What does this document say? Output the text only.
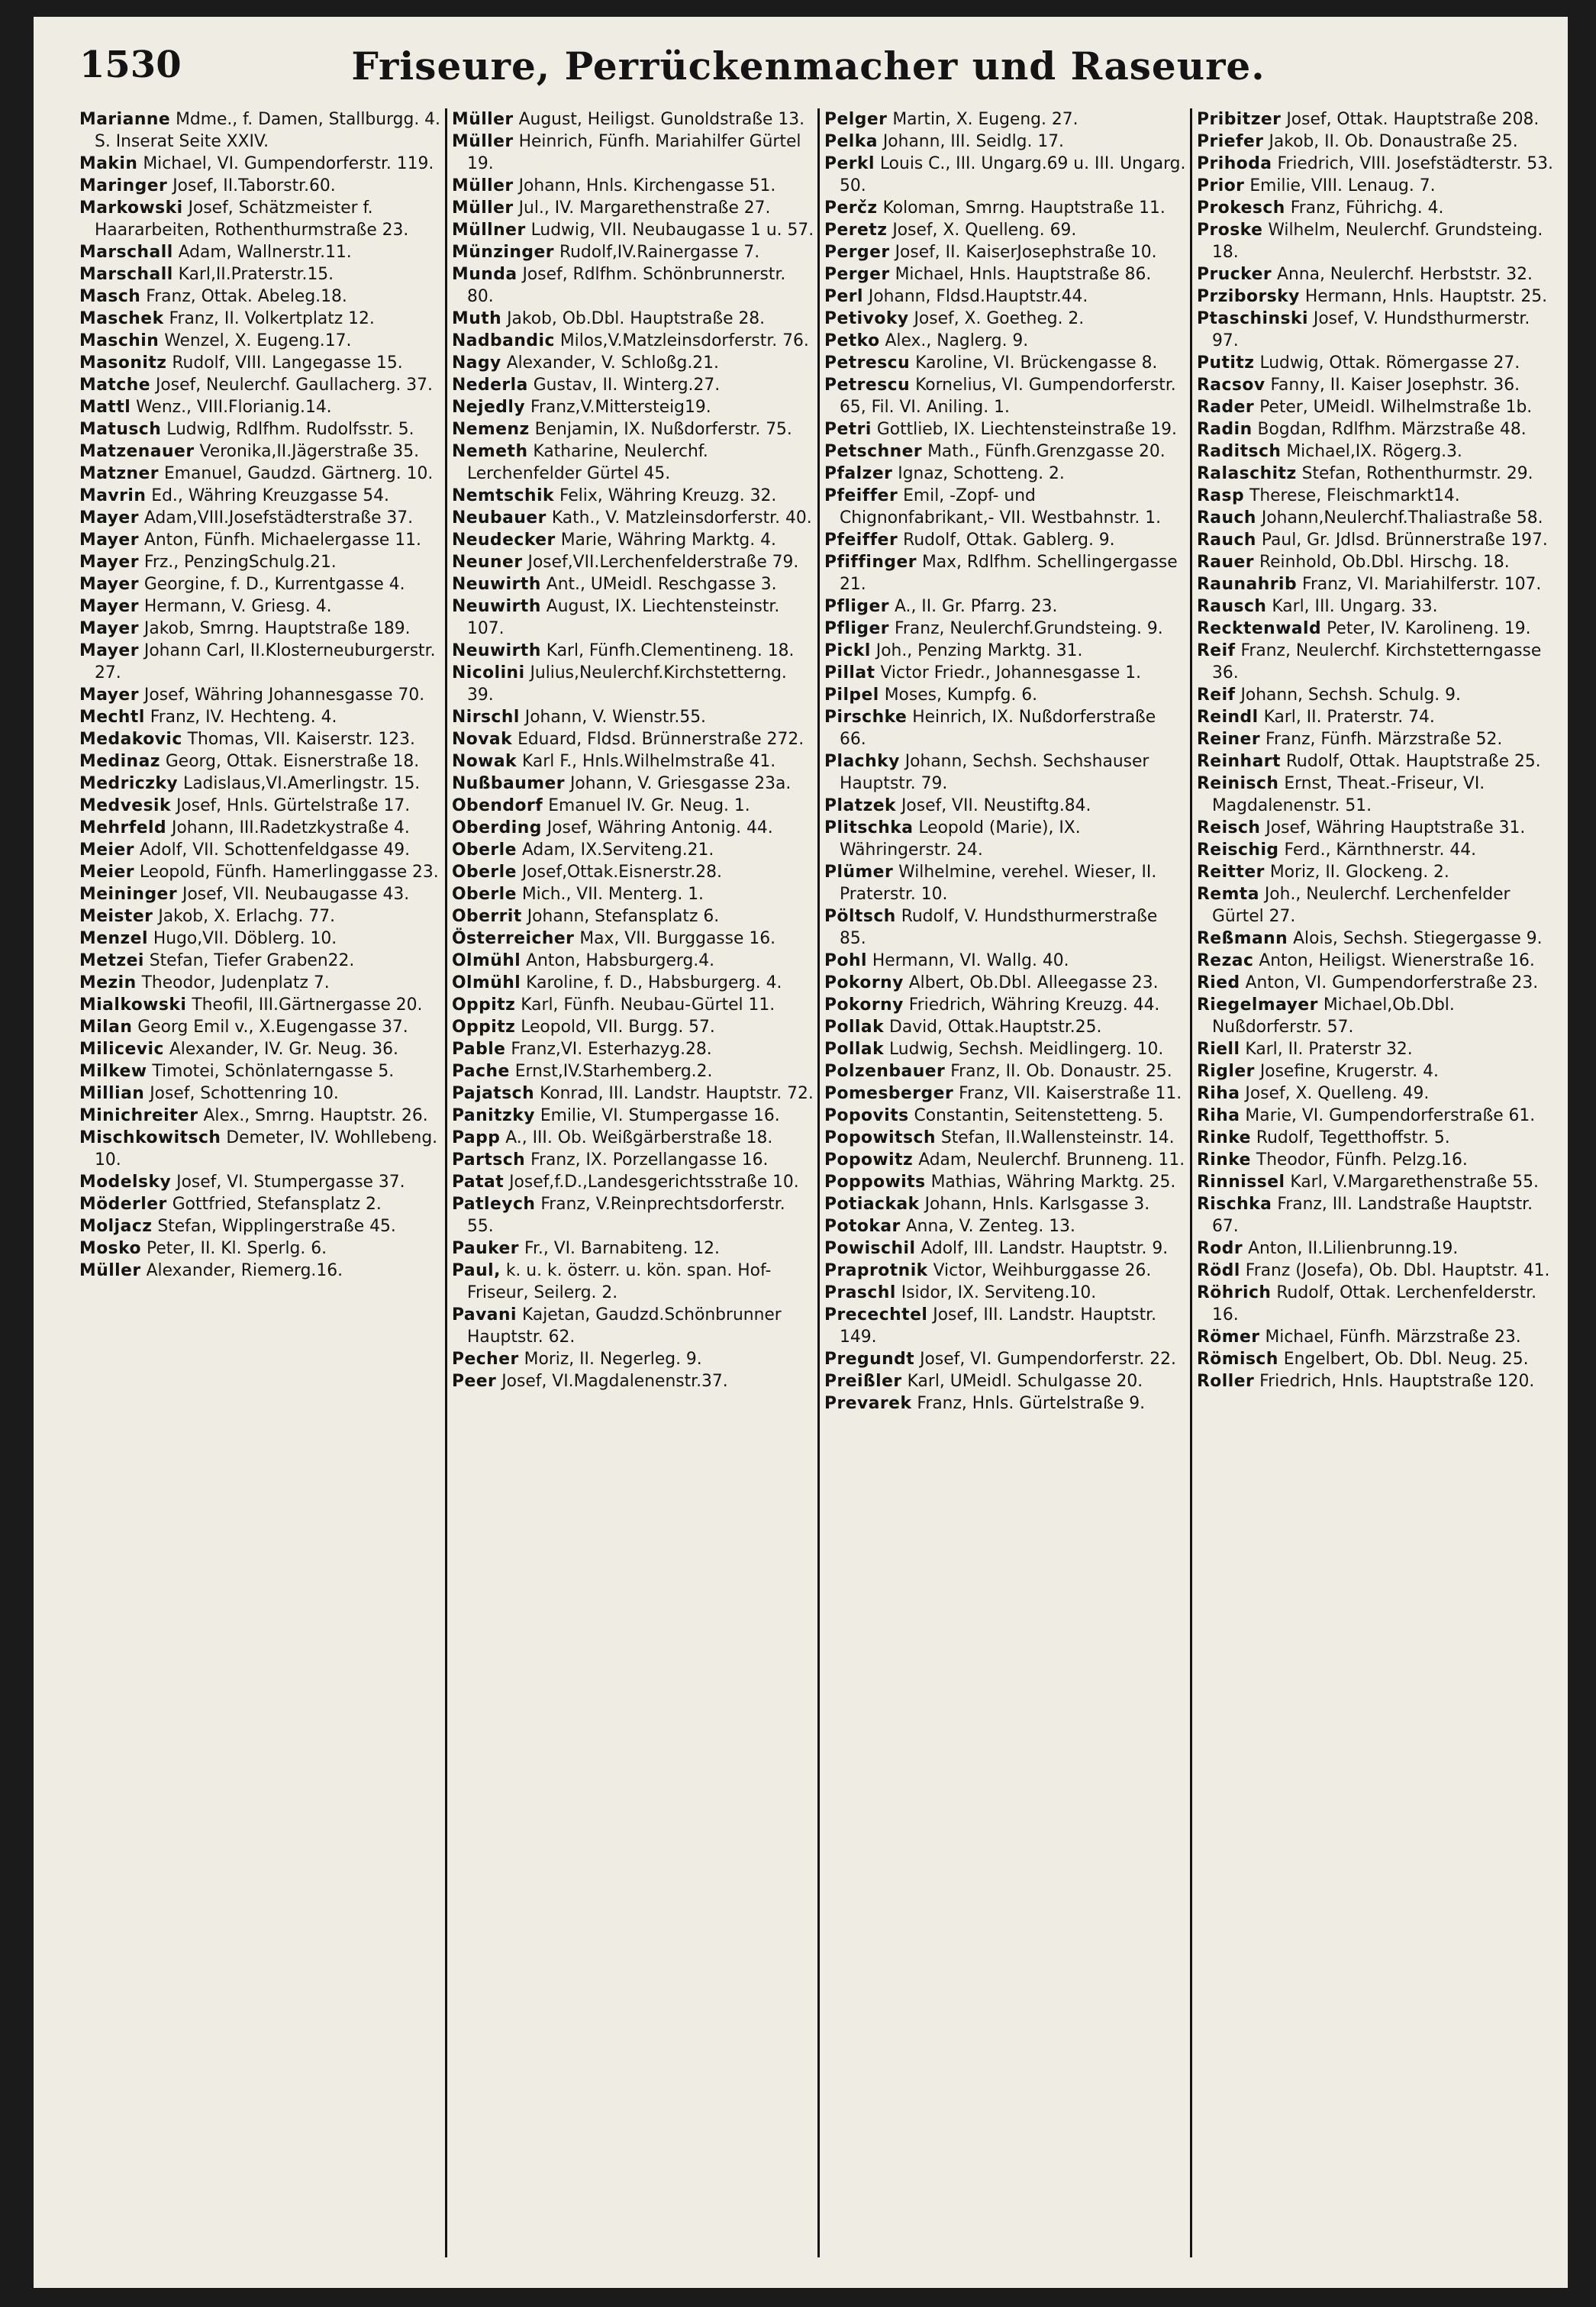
1530	Friseure, Perrückenmacher und Raseure.

Marianne Mdme., f. Damen, Stallburgg. 4. S. Inserat Seite XXIV.

Makin Michael, VI. Gumpendorferstr. 119.

Maringer Josef, II.Taborstr.60.

Markowski Josef, Schätzmeister f. Haararbeiten, Rothenthurmstraße 23.

Marschall Adam, Wallnerstr.11.

Marschall Karl,II.Praterstr.15.

Masch Franz, Ottak. Abeleg.18.

Maschek Franz, II. Volkertplatz 12.

Maschin Wenzel, X. Eugeng.17.

Masonitz Rudolf, VIII. Langegasse 15.

Matche Josef, Neulerchf. Gaullacherg. 37.

Mattl Wenz., VIII.Florianig.14.

Matusch Ludwig, Rdlfhm. Rudolfsstr. 5.

Matzenauer Veronika,II.Jägerstraße 35.

Matzner Emanuel, Gaudzd. Gärtnerg. 10.

Mavrin Ed., Währing Kreuzgasse 54.

Mayer Adam,VIII.Josefstädterstraße 37.

Mayer Anton, Fünfh. Michaelergasse 11.

Mayer Frz., PenzingSchulg.21.

Mayer Georgine, f. D., Kurrentgasse 4.

Mayer Hermann, V. Griesg. 4.

Mayer Jakob, Smrng. Hauptstraße 189.

Mayer Johann Carl, II.Klosterneuburgerstr. 27.

Mayer Josef, Währing Johannesgasse 70.

Mechtl Franz, IV. Hechteng. 4.

Medakovic Thomas, VII. Kaiserstr. 123.

Medinaz Georg, Ottak. Eisnerstraße 18.

Medriczky Ladislaus,VI.Amerlingstr. 15.

Medvesik Josef, Hnls. Gürtelstraße 17.

Mehrfeld Johann, III.Radetzkystraße 4.

Meier Adolf, VII. Schottenfeldgasse 49.

Meier Leopold, Fünfh. Hamerlinggasse 23.

Meininger Josef, VII. Neubaugasse 43.

Meister Jakob, X. Erlachg. 77.

Menzel Hugo,VII. Döblerg. 10.

Metzei Stefan, Tiefer Graben22.

Mezin Theodor, Judenplatz 7.

Mialkowski Theofil, III.Gärtnergasse 20.

Milan Georg Emil v., X.Eugengasse 37.

Milicevic Alexander, IV. Gr. Neug. 36.

Milkew Timotei, Schönlaterngasse 5.

Millian Josef, Schottenring 10.

Minichreiter Alex., Smrng. Hauptstr. 26.

Mischkowitsch Demeter, IV. Wohllebeng. 10.

Modelsky Josef, VI. Stumpergasse 37.

Möderler Gottfried, Stefansplatz 2.

Moljacz Stefan, Wipplingerstraße 45.

Mosko Peter, II. Kl. Sperlg. 6.

Müller Alexander, Riemerg.16.

Müller August, Heiligst. Gunoldstraße 13.

Müller Heinrich, Fünfh. Mariahilfer Gürtel 19.

Müller Johann, Hnls. Kirchengasse 51.

Müller Jul., IV. Margarethenstraße 27.

Müllner Ludwig, VII. Neubaugasse 1 u. 57.

Münzinger Rudolf,IV.Rainergasse 7.

Munda Josef, Rdlfhm. Schönbrunnerstr. 80.

Muth Jakob, Ob.Dbl. Hauptstraße 28.

Nadbandic Milos,V.Matzleinsdorferstr. 76.

Nagy Alexander, V. Schloßg.21.

Nederla Gustav, II. Winterg.27.

Nejedly Franz,V.Mittersteig19.

Nemenz Benjamin, IX. Nußdorferstr. 75.

Nemeth Katharine, Neulerchf. Lerchenfelder Gürtel 45.

Nemtschik Felix, Währing Kreuzg. 32.

Neubauer Kath., V. Matzleinsdorferstr. 40.

Neudecker Marie, Währing Marktg. 4.

Neuner Josef,VII.Lerchenfelderstraße 79.

Neuwirth Ant., UMeidl. Reschgasse 3.

Neuwirth August, IX. Liechtensteinstr. 107.

Neuwirth Karl, Fünfh.Clementineng. 18.

Nicolini Julius,Neulerchf.Kirchstetterng. 39.

Nirschl Johann, V. Wienstr.55.

Novak Eduard, Fldsd. Brünnerstraße 272.

Nowak Karl F., Hnls.Wilhelmstraße 41.

Nußbaumer Johann, V. Griesgasse 23a.

Obendorf Emanuel IV. Gr. Neug. 1.

Oberding Josef, Währing Antonig. 44.

Oberle Adam, IX.Serviteng.21.

Oberle Josef,Ottak.Eisnerstr.28.

Oberle Mich., VII. Menterg. 1.

Oberrit Johann, Stefansplatz 6.

Österreicher Max, VII. Burggasse 16.

Olmühl Anton, Habsburgerg.4.

Olmühl Karoline, f. D., Habsburgerg. 4.

Oppitz Karl, Fünfh. Neubau-Gürtel 11.

Oppitz Leopold, VII. Burgg. 57.

Pable Franz,VI. Esterhazyg.28.

Pache Ernst,IV.Starhemberg.2.

Pajatsch Konrad, III. Landstr. Hauptstr. 72.

Panitzky Emilie, VI. Stumpergasse 16.

Papp A., III. Ob. Weißgärberstraße 18.

Partsch Franz, IX. Porzellangasse 16.

Patat Josef,f.D.,Landesgerichtsstraße 10.

Patleych Franz, V.Reinprechtsdorferstr. 55.

Pauker Fr., VI. Barnabiteng. 12.

Paul, k. u. k. österr. u. kön. span. Hof-Friseur, Seilerg. 2.

Pavani Kajetan, Gaudzd.Schönbrunner Hauptstr. 62.

Pecher Moriz, II. Negerleg. 9.

Peer Josef, VI.Magdalenenstr.37.

Pelger Martin, X. Eugeng. 27.

Pelka Johann, III. Seidlg. 17.

Perkl Louis C., III. Ungarg.69 u. III. Ungarg. 50.

Perčz Koloman, Smrng. Hauptstraße 11.

Peretz Josef, X. Quelleng. 69.

Perger Josef, II. KaiserJosephstraße 10.

Perger Michael, Hnls. Hauptstraße 86.

Perl Johann, Fldsd.Hauptstr.44.

Petivoky Josef, X. Goetheg. 2.

Petko Alex., Naglerg. 9.

Petrescu Karoline, VI. Brückengasse 8.

Petrescu Kornelius, VI. Gumpendorferstr. 65, Fil. VI. Aniling. 1.

Petri Gottlieb, IX. Liechtensteinstraße 19.

Petschner Math., Fünfh.Grenzgasse 20.

Pfalzer Ignaz, Schotteng. 2.

Pfeiffer Emil, -Zopf- und Chignonfabrikant,- VII. Westbahnstr. 1.

Pfeiffer Rudolf, Ottak. Gablerg. 9.

Pfiffinger Max, Rdlfhm. Schellingergasse 21.

Pfliger A., II. Gr. Pfarrg. 23.

Pfliger Franz, Neulerchf.Grundsteing. 9.

Pickl Joh., Penzing Marktg. 31.

Pillat Victor Friedr., Johannesgasse 1.

Pilpel Moses, Kumpfg. 6.

Pirschke Heinrich, IX. Nußdorferstraße 66.

Plachky Johann, Sechsh. Sechshauser Hauptstr. 79.

Platzek Josef, VII. Neustiftg.84.

Plitschka Leopold (Marie), IX. Währingerstr. 24.

Plümer Wilhelmine, verehel. Wieser, II. Praterstr. 10.

Pöltsch Rudolf, V. Hundsthurmerstraße 85.

Pohl Hermann, VI. Wallg. 40.

Pokorny Albert, Ob.Dbl. Alleegasse 23.

Pokorny Friedrich, Währing Kreuzg. 44.

Pollak David, Ottak.Hauptstr.25.

Pollak Ludwig, Sechsh. Meidlingerg. 10.

Polzenbauer Franz, II. Ob. Donaustr. 25.

Pomesberger Franz, VII. Kaiserstraße 11.

Popovits Constantin, Seitenstetteng. 5.

Popowitsch Stefan, II.Wallensteinstr. 14.

Popowitz Adam, Neulerchf. Brunneng. 11.

Poppowits Mathias, Währing Marktg. 25.

Potiackak Johann, Hnls. Karlsgasse 3.

Potokar Anna, V. Zenteg. 13.

Powischil Adolf, III. Landstr. Hauptstr. 9.

Praprotnik Victor, Weihburggasse 26.

Praschl Isidor, IX. Serviteng.10.

Precechtel Josef, III. Landstr. Hauptstr. 149.

Pregundt Josef, VI. Gumpendorferstr. 22.

Preißler Karl, UMeidl. Schulgasse 20.

Prevarek Franz, Hnls. Gürtelstraße 9.

Pribitzer Josef, Ottak. Hauptstraße 208.

Priefer Jakob, II. Ob. Donaustraße 25.

Prihoda Friedrich, VIII. Josefstädterstr. 53.

Prior Emilie, VIII. Lenaug. 7.

Prokesch Franz, Führichg. 4.

Proske Wilhelm, Neulerchf. Grundsteing. 18.

Prucker Anna, Neulerchf. Herbststr. 32.

Prziborsky Hermann, Hnls. Hauptstr. 25.

Ptaschinski Josef, V. Hundsthurmerstr. 97.

Putitz Ludwig, Ottak. Römergasse 27.

Racsov Fanny, II. Kaiser Josephstr. 36.

Rader Peter, UMeidl. Wilhelmstraße 1b.

Radin Bogdan, Rdlfhm. Märzstraße 48.

Raditsch Michael,IX. Rögerg.3.

Ralaschitz Stefan, Rothenthurmstr. 29.

Rasp Therese, Fleischmarkt14.

Rauch Johann,Neulerchf.Thaliastraße 58.

Rauch Paul, Gr. Jdlsd. Brünnerstraße 197.

Rauer Reinhold, Ob.Dbl. Hirschg. 18.

Raunahrib Franz, VI. Mariahilferstr. 107.

Rausch Karl, III. Ungarg. 33.

Recktenwald Peter, IV. Karolineng. 19.

Reif Franz, Neulerchf. Kirchstetterngasse 36.

Reif Johann, Sechsh. Schulg. 9.

Reindl Karl, II. Praterstr. 74.

Reiner Franz, Fünfh. Märzstraße 52.

Reinhart Rudolf, Ottak. Hauptstraße 25.

Reinisch Ernst, Theat.-Friseur, VI. Magdalenenstr. 51.

Reisch Josef, Währing Hauptstraße 31.

Reischig Ferd., Kärnthnerstr. 44.

Reitter Moriz, II. Glockeng. 2.

Remta Joh., Neulerchf. Lerchenfelder Gürtel 27.

Reßmann Alois, Sechsh. Stiegergasse 9.

Rezac Anton, Heiligst. Wienerstraße 16.

Ried Anton, VI. Gumpendorferstraße 23.

Riegelmayer Michael,Ob.Dbl. Nußdorferstr. 57.

Riell Karl, II. Praterstr 32.

Rigler Josefine, Krugerstr. 4.

Riha Josef, X. Quelleng. 49.

Riha Marie, VI. Gumpendorferstraße 61.

Rinke Rudolf, Tegetthoffstr. 5.

Rinke Theodor, Fünfh. Pelzg.16.

Rinnissel Karl, V.Margarethenstraße 55.

Rischka Franz, III. Landstraße Hauptstr. 67.

Rodr Anton, II.Lilienbrunng.19.

Rödl Franz (Josefa), Ob. Dbl. Hauptstr. 41.

Röhrich Rudolf, Ottak. Lerchenfelderstr. 16.

Römer Michael, Fünfh. Märzstraße 23.

Römisch Engelbert, Ob. Dbl. Neug. 25.

Roller Friedrich, Hnls. Hauptstraße 120.
